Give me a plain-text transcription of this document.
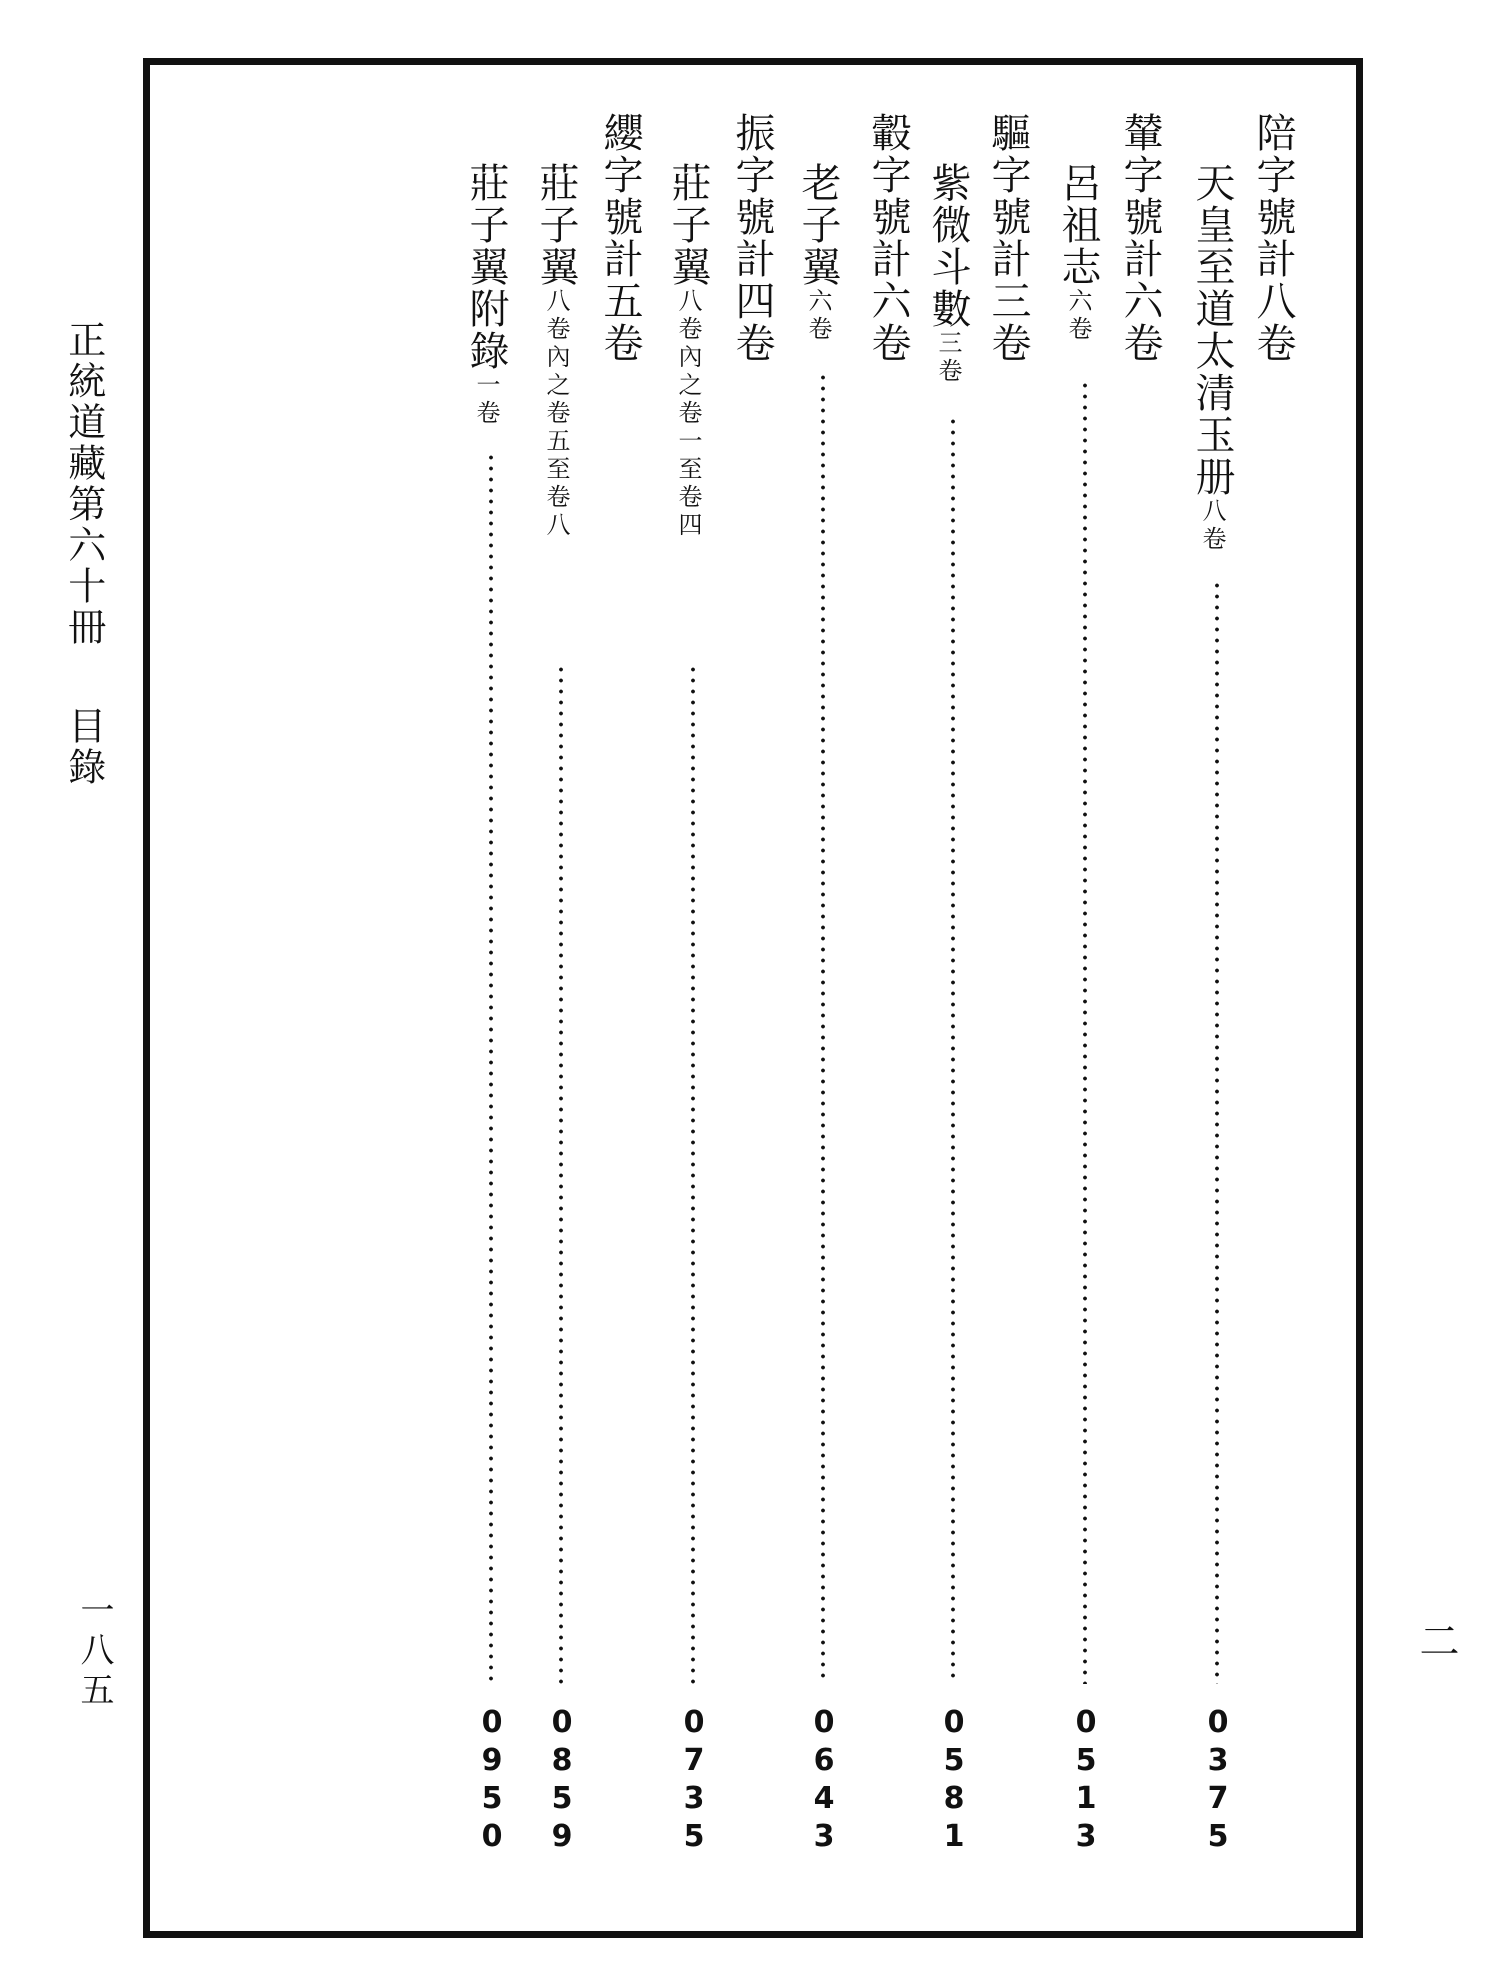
正統道藏第六十冊目錄
一八五	二
陪字號計八卷
天皇至道太清玉册八卷
輦字號計六卷
呂祖志六卷
驅字號計三卷
紫微斗數三卷
轂字號計六卷
老子翼六卷
振字號計四卷
莊子翼八卷內之卷一至卷四
纓字號計五卷
莊子翼八卷內之卷五至卷八
莊子翼附錄一卷
0
3
7
5
0
5
1
3
0
5
8
1
0
6
4
3
0
7
3
5
0
8
5
9
0
9
5
0
